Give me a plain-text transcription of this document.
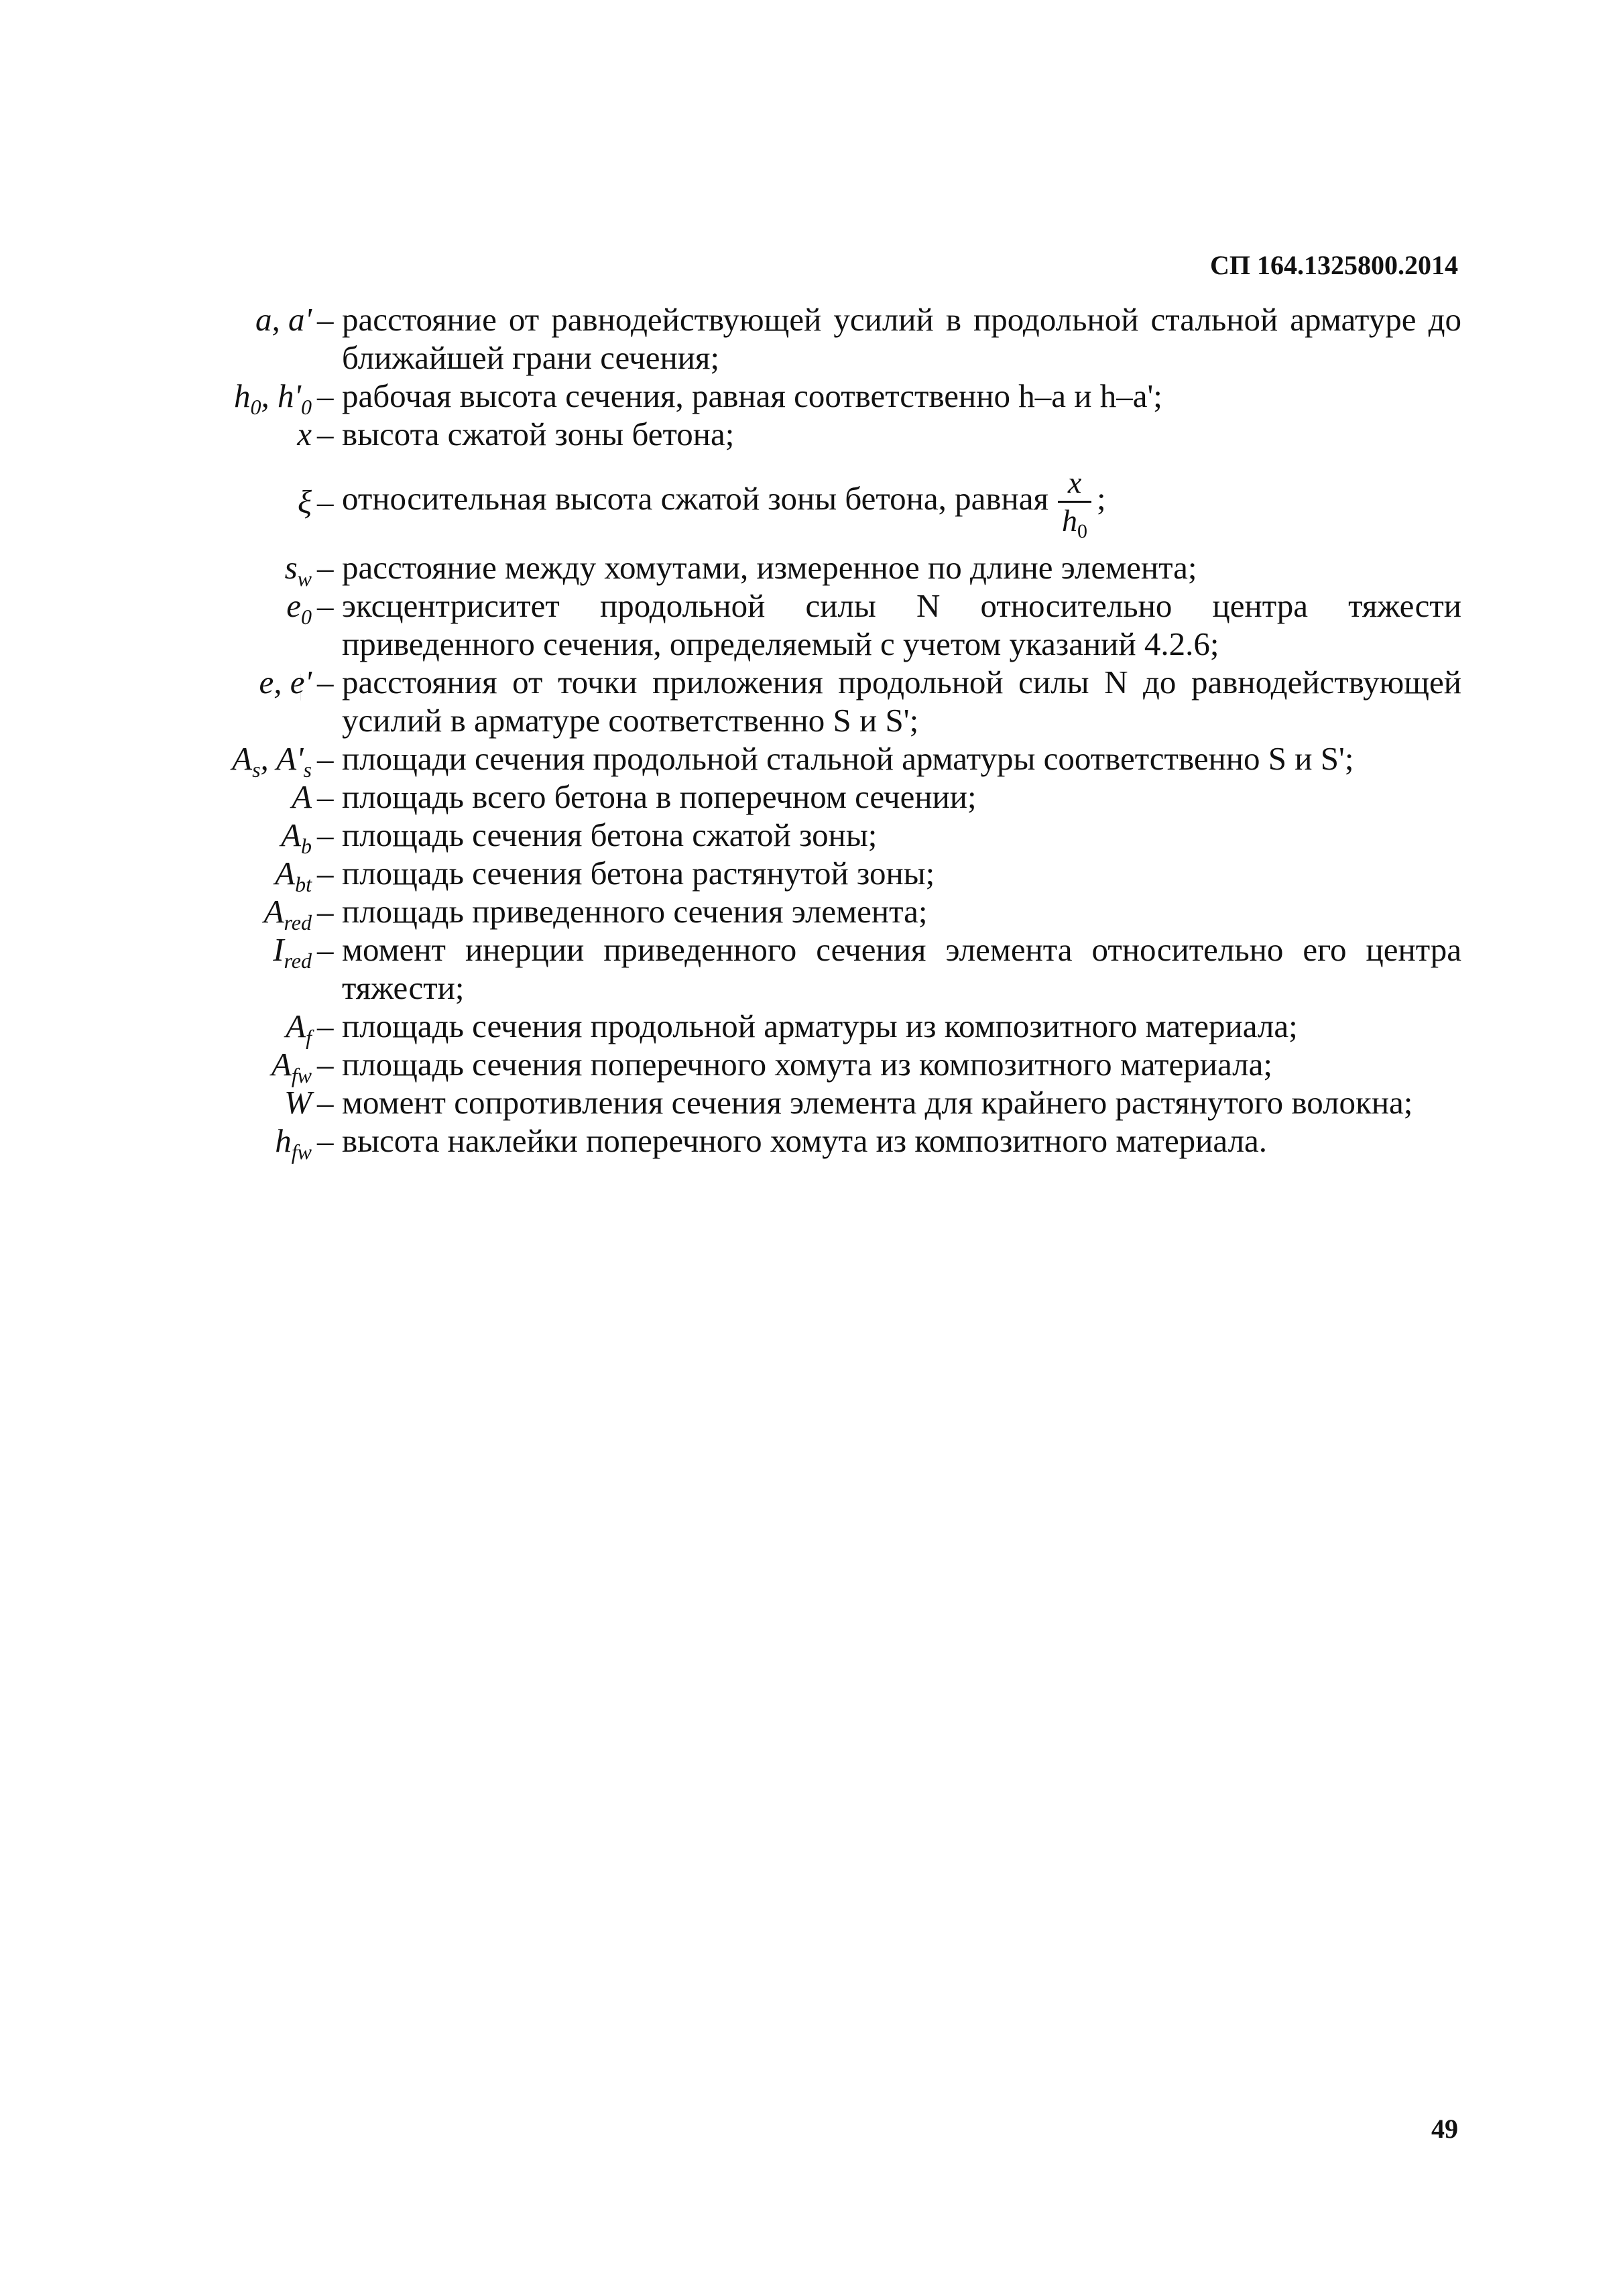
СП 164.1325800.2014
a, a' – расстояние от равнодействующей усилий в продольной стальной арматуре до ближайшей грани сечения;
$h_0$, $h'_0$ – рабочая высота сечения, равная соответственно h–a и h–a';
x – высота сжатой зоны бетона;
ξ – относительная высота сжатой зоны бетона, равная $\frac{x}{h_0}$ ;
$s_w$ – расстояние между хомутами, измеренное по длине элемента;
$e_0$ – эксцентриситет продольной силы N относительно центра тяжести приведенного сечения, определяемый с учетом указаний 4.2.6;
e, e' – расстояния от точки приложения продольной силы N до равнодействующей усилий в арматуре соответственно S и S';
$A_s$, $A'_s$ – площади сечения продольной стальной арматуры соответственно S и S';
A – площадь всего бетона в поперечном сечении;
$A_b$ – площадь сечения бетона сжатой зоны;
$A_{bt}$ – площадь сечения бетона растянутой зоны;
$A_{red}$ – площадь приведенного сечения элемента;
$I_{red}$ – момент инерции приведенного сечения элемента относительно его центра тяжести;
$A_f$ – площадь сечения продольной арматуры из композитного материала;
$A_{fw}$ – площадь сечения поперечного хомута из композитного материала;
W – момент сопротивления сечения элемента для крайнего растянутого волокна;
$h_{fw}$ – высота наклейки поперечного хомута из композитного материала.
49
